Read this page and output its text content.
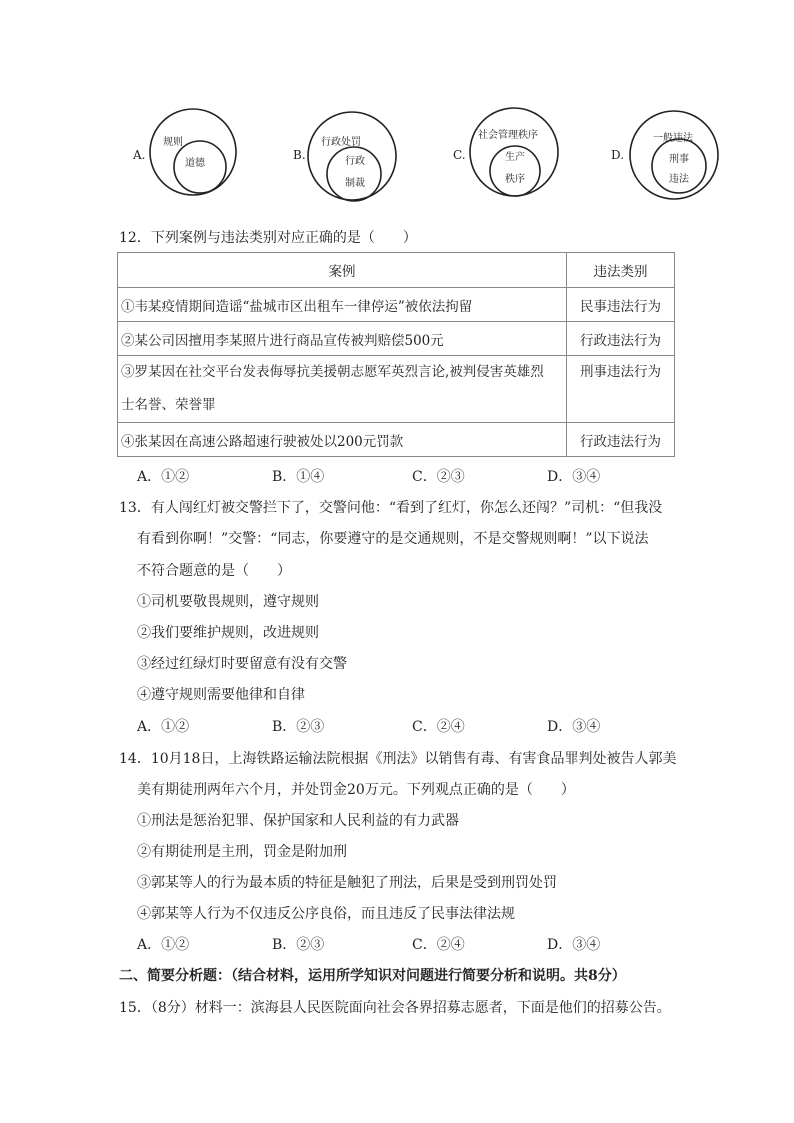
A.
规则
道德
B.
行政处罚
行政
制裁
C.
社会管理秩序
生产
秩序
D.
一般违法
刑事
违法
12．下列案例与违法类别对应正确的是（　　）
案例	违法类别
①韦某疫情期间造谣“盐城市区出租车一律停运”被依法拘留	民事违法行为
②某公司因擅用李某照片进行商品宣传被判赔偿500元	行政违法行为

③罗某因在社交平台发表侮辱抗美援朝志愿军英烈言论,被判侵害英雄烈
士名誉、荣誉罪	刑事违法行为
④张某因在高速公路超速行驶被处以200元罚款	行政违法行为
A．①②	B．①④	C．②③	D．③④
13．有人闯红灯被交警拦下了，交警问他：“看到了红灯，你怎么还闯？”司机：“但我没
有看到你啊！”交警：“同志，你要遵守的是交通规则，不是交警规则啊！”以下说法
不符合题意的是（　　）
①司机要敬畏规则，遵守规则
②我们要维护规则，改进规则
③经过红绿灯时要留意有没有交警
④遵守规则需要他律和自律
A．①②	B．②③	C．②④	D．③④
14．10月18日，上海铁路运输法院根据《刑法》以销售有毒、有害食品罪判处被告人郭美
美有期徒刑两年六个月，并处罚金20万元。下列观点正确的是（　　）
①刑法是惩治犯罪、保护国家和人民利益的有力武器
②有期徒刑是主刑，罚金是附加刑
③郭某等人的行为最本质的特征是触犯了刑法，后果是受到刑罚处罚
④郭某等人行为不仅违反公序良俗，而且违反了民事法律法规
A．①②	B．②③	C．②④	D．③④
二、简要分析题：（结合材料，运用所学知识对问题进行简要分析和说明。共8分）
15．（8分）材料一：滨海县人民医院面向社会各界招募志愿者，下面是他们的招募公告。
